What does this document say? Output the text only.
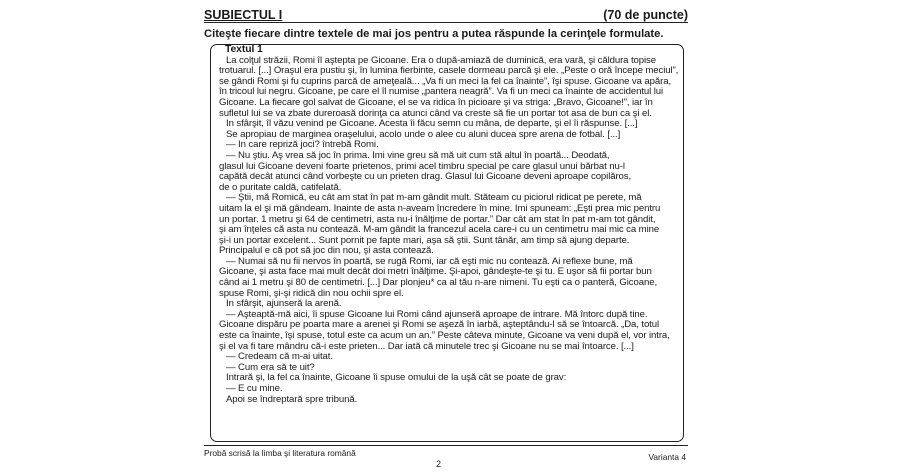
SUBIECTUL I	(70 de puncte)
Citeşte fiecare dintre textele de mai jos pentru a putea răspunde la cerinţele formulate.
Textul 1
La colţul străzii, Romi îl aştepta pe Gicoane. Era o după-amiază de duminică, era vară, şi căldura topise
trotuarul. [...] Oraşul era pustiu şi, în lumina fierbinte, casele dormeau parcă şi ele. „Peste o oră începe meciul”,
se gândi Romi şi fu cuprins parcă de ameţeală... „Va fi un meci la fel ca înainte”, îşi spuse. Gicoane va apăra,
în tricoul lui negru. Gicoane, pe care el îl numise „pantera neagră”. Va fi un meci ca înainte de accidentul lui
Gicoane. La fiecare gol salvat de Gicoane, el se va ridica în picioare şi va striga: „Bravo, Gicoane!”, iar în
sufletul lui se va zbate dureroasă dorinţa ca atunci când va creste să fie un portar tot asa de bun ca şi el.
În sfârşit, îl văzu venind pe Gicoane. Acesta îi făcu semn cu mâna, de departe, şi el îi răspunse. [...]
Se apropiau de marginea oraşelului, acolo unde o alee cu aluni ducea spre arena de fotbal. [...]
— În care repriză joci? întrebă Romi.
— Nu ştiu. Aş vrea să joc în prima. Îmi vine greu să mă uit cum stă altul în poartă... Deodată,
glasul lui Gicoane deveni foarte prietenos, primi acel timbru special pe care glasul unui bărbat nu-l
capătă decât atunci când vorbeşte cu un prieten drag. Glasul lui Gicoane deveni aproape copilăros,
de o puritate caldă, catifelată.
— Ştii, mă Romică, eu cât am stat în pat m-am gândit mult. Stăteam cu piciorul ridicat pe perete, mă
uitam la el şi mă gândeam. Înainte de asta n-aveam încredere în mine. Îmi spuneam: „Eşti prea mic pentru
un portar. 1 metru şi 64 de centimetri, asta nu-i înălţime de portar.” Dar cât am stat în pat m-am tot gândit,
şi am înţeles că asta nu contează. M-am gândit la francezul acela care-i cu un centimetru mai mic ca mine
şi-i un portar excelent... Sunt pornit pe fapte mari, aşa să ştii. Sunt tânăr, am timp să ajung departe.
Principalul e că pot să joc din nou, şi asta contează.
— Numai să nu fii nervos în poartă, se rugă Romi, iar că eşti mic nu contează. Ai reflexe bune, mă
Gicoane, şi asta face mai mult decât doi metri înălţime. Şi-apoi, gândeşte-te şi tu. E uşor să fii portar bun
când ai 1 metru şi 80 de centimetri. [...] Dar plonjeu* ca al tău n-are nimeni. Tu eşti ca o panteră, Gicoane,
spuse Romi, şi-şi ridică din nou ochii spre el.
În sfârşit, ajunseră la arenă.
— Aşteaptă-mă aici, îi spuse Gicoane lui Romi când ajunseră aproape de intrare. Mă întorc după tine.
Gicoane dispăru pe poarta mare a arenei şi Romi se aşeză în iarbă, aşteptându-l să se întoarcă. „Da, totul
este ca înainte, îşi spuse, totul este ca acum un an.” Peste câteva minute, Gicoane va veni după el, vor intra,
şi el va fi tare mândru că-i este prieten... Dar iată că minutele trec şi Gicoane nu se mai întoarce. [...]
— Credeam că m-ai uitat.
— Cum era să te uit?
Intrară şi, la fel ca înainte, Gicoane îi spuse omului de la uşă cât se poate de grav:
— E cu mine.
Apoi se îndreptară spre tribună.
Probă scrisă la limba şi literatura română
2
Varianta 4
